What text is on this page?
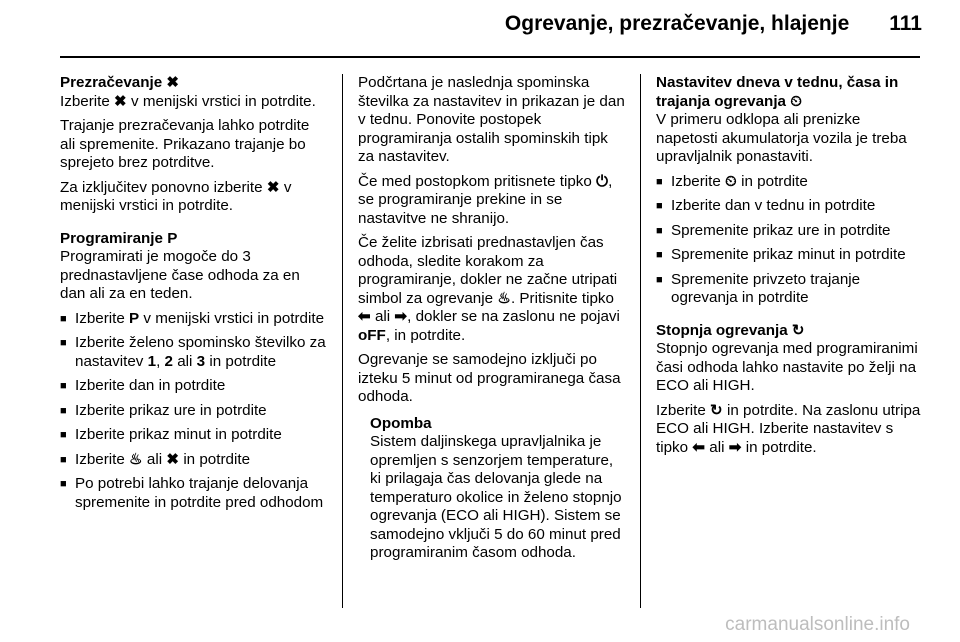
Ogrevanje, prezračevanje, hlajenje 111

Prezračevanje ✖

Izberite ✖ v menijski vrstici in potrdite.

Trajanje prezračevanja lahko potrdite ali spremenite. Prikazano trajanje bo sprejeto brez potrditve.

Za izključitev ponovno izberite ✖ v menijski vrstici in potrdite.

Programiranje P

Programirati je mogoče do 3 prednastavljene čase odhoda za en dan ali za en teden.

■ Izberite P v menijski vrstici in potrdite
■ Izberite želeno spominsko številko za nastavitev 1, 2 ali 3 in potrdite
■ Izberite dan in potrdite
■ Izberite prikaz ure in potrdite
■ Izberite prikaz minut in potrdite
■ Izberite ♨ ali ✖ in potrdite
■ Po potrebi lahko trajanje delovanja spremenite in potrdite pred odhodom

Podčrtana je naslednja spominska številka za nastavitev in prikazan je dan v tednu. Ponovite postopek programiranja ostalih spominskih tipk za nastavitev.

Če med postopkom pritisnete tipko ⏻, se programiranje prekine in se nastavitve ne shranijo.

Če želite izbrisati prednastavljen čas odhoda, sledite korakom za programiranje, dokler ne začne utripati simbol za ogrevanje ♨. Pritisnite tipko ⬅ ali ➡, dokler se na zaslonu ne pojavi oFF, in potrdite.

Ogrevanje se samodejno izključi po izteku 5 minut od programiranega časa odhoda.

Opomba

Sistem daljinskega upravljalnika je opremljen s senzorjem temperature, ki prilagaja čas delovanja glede na temperaturo okolice in želeno stopnjo ogrevanja (ECO ali HIGH). Sistem se samodejno vključi 5 do 60 minut pred programiranim časom odhoda.

Nastavitev dneva v tednu, časa in trajanja ogrevanja ⏲

V primeru odklopa ali prenizke napetosti akumulatorja vozila je treba upravljalnik ponastaviti.

■ Izberite ⏲ in potrdite
■ Izberite dan v tednu in potrdite
■ Spremenite prikaz ure in potrdite
■ Spremenite prikaz minut in potrdite
■ Spremenite privzeto trajanje ogrevanja in potrdite

Stopnja ogrevanja ↻

Stopnjo ogrevanja med programiranimi časi odhoda lahko nastavite po želji na ECO ali HIGH.

Izberite ↻ in potrdite. Na zaslonu utripa ECO ali HIGH. Izberite nastavitev s tipko ⬅ ali ➡ in potrdite.

carmanualsonline.info
